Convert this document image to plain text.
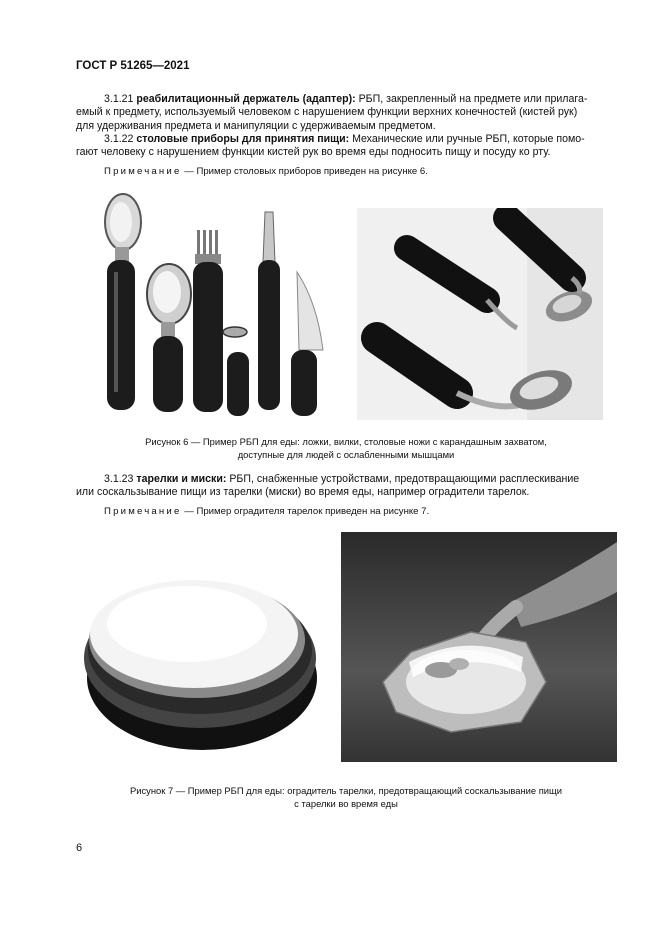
ГОСТ Р 51265—2021
3.1.21 реабилитационный держатель (адаптер): РБП, закрепленный на предмете или прилага-
емый к предмету, используемый человеком с нарушением функции верхних конечностей (кистей рук)
для удерживания предмета и манипуляции с удерживаемым предметом.
3.1.22 столовые приборы для принятия пищи: Механические или ручные РБП, которые помо-
гают человеку с нарушением функции кистей рук во время еды подносить пищу и посуду ко рту.
Примечание — Пример столовых приборов приведен на рисунке 6.
Рисунок 6 — Пример РБП для еды: ложки, вилки, столовые ножи с карандашным захватом,
доступные для людей с ослабленными мышцами
3.1.23 тарелки и миски: РБП, снабженные устройствами, предотвращающими расплескивание
или соскальзывание пищи из тарелки (миски) во время еды, например оградители тарелок.
Примечание — Пример оградителя тарелок приведен на рисунке 7.
Рисунок 7 — Пример РБП для еды: оградитель тарелки, предотвращающий соскальзывание пищи
с тарелки во время еды
6
